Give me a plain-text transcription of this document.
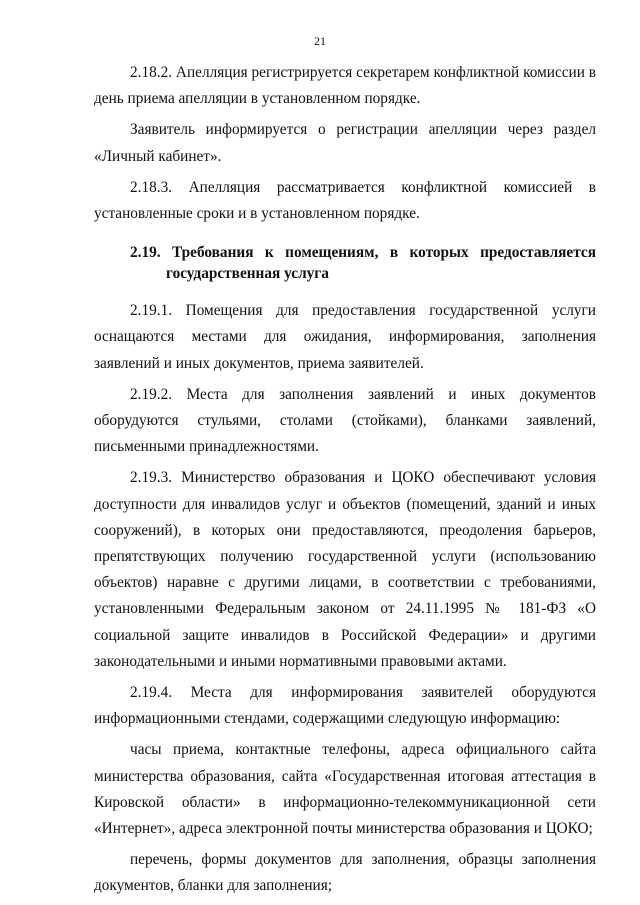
21

2.18.2. Апелляция регистрируется секретарем конфликтной комиссии в день приема апелляции в установленном порядке.

Заявитель информируется о регистрации апелляции через раздел «Личный кабинет».

2.18.3. Апелляция рассматривается конфликтной комиссией в установленные сроки и в установленном порядке.

2.19. Требования к помещениям, в которых предоставляется государственная услуга

2.19.1. Помещения для предоставления государственной услуги оснащаются местами для ожидания, информирования, заполнения заявлений и иных документов, приема заявителей.

2.19.2. Места для заполнения заявлений и иных документов оборудуются стульями, столами (стойками), бланками заявлений, письменными принадлежностями.

2.19.3. Министерство образования и ЦОКО обеспечивают условия доступности для инвалидов услуг и объектов (помещений, зданий и иных сооружений), в которых они предоставляются, преодоления барьеров, препятствующих получению государственной услуги (использованию объектов) наравне с другими лицами, в соответствии с требованиями, установленными Федеральным законом от 24.11.1995 № 181-ФЗ «О социальной защите инвалидов в Российской Федерации» и другими законодательными и иными нормативными правовыми актами.

2.19.4. Места для информирования заявителей оборудуются информационными стендами, содержащими следующую информацию:

часы приема, контактные телефоны, адреса официального сайта министерства образования, сайта «Государственная итоговая аттестация в Кировской области» в информационно-телекоммуникационной сети «Интернет», адреса электронной почты министерства образования и ЦОКО;

перечень, формы документов для заполнения, образцы заполнения документов, бланки для заполнения;
